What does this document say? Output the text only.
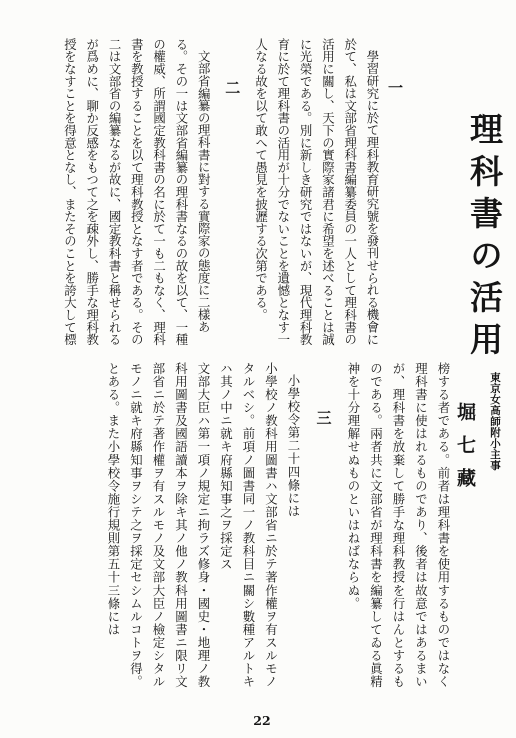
理科書の活用
東京女高師附小主事
堀七藏
一
學習研究に於て理科教育研究號を發刊せられる機會に
於て、私は文部省理科書編纂委員の一人として理科書の
活用に關し、天下の實際家諸君に希望を述べることは誠
に光榮である。別に新しき研究ではないが、現代理科教
育に於て理科書の活用が十分でないことを遺憾となす一
人なる故を以て敢へて愚見を披瀝する次第である。
二
文部省編纂の理科書に對する實際家の態度に二樣あ
る。その一は文部省編纂の理科書なるの故を以て、一種
の權威、所謂國定教科書の名に於て一も二もなく、理科
書を教授することを以て理科教授となす者である。その
二は文部省の編纂なるが故に、國定教科書と稱せられる
が爲めに、聊か反感をもつて之を疎外し、勝手な理科教
授をなすことを得意となし、またそのことを誇大して標
榜する者である。前者は理科書を使用するものではなく
理科書に使はれるものであり、後者は故意ではあるまい
が、理科書を放棄して勝手な理科教授を行はんとするも
のである。兩者共に文部省が理科書を編纂してゐる眞精
神を十分理解せぬものといはねばならぬ。
三
小學校令第二十四條には
小學校ノ教科用圖書ハ文部省ニ於テ著作權ヲ有スルモノ
タルベシ。前項ノ圖書同一ノ教科目ニ關シ數種アルトキ
ハ其ノ中ニ就キ府縣知事之ヲ採定ス
文部大臣ハ第一項ノ規定ニ拘ラズ修身・國史・地理ノ教
科用圖書及國語讀本ヲ除キ其ノ他ノ教科用圖書ニ限リ文
部省ニ於テ著作權ヲ有スルモノ及文部大臣ノ檢定シタル
モノニ就キ府縣知事ヲシテ之ヲ採定セシムルコトヲ得。
とある。また小學校令施行規則第五十三條には
22
